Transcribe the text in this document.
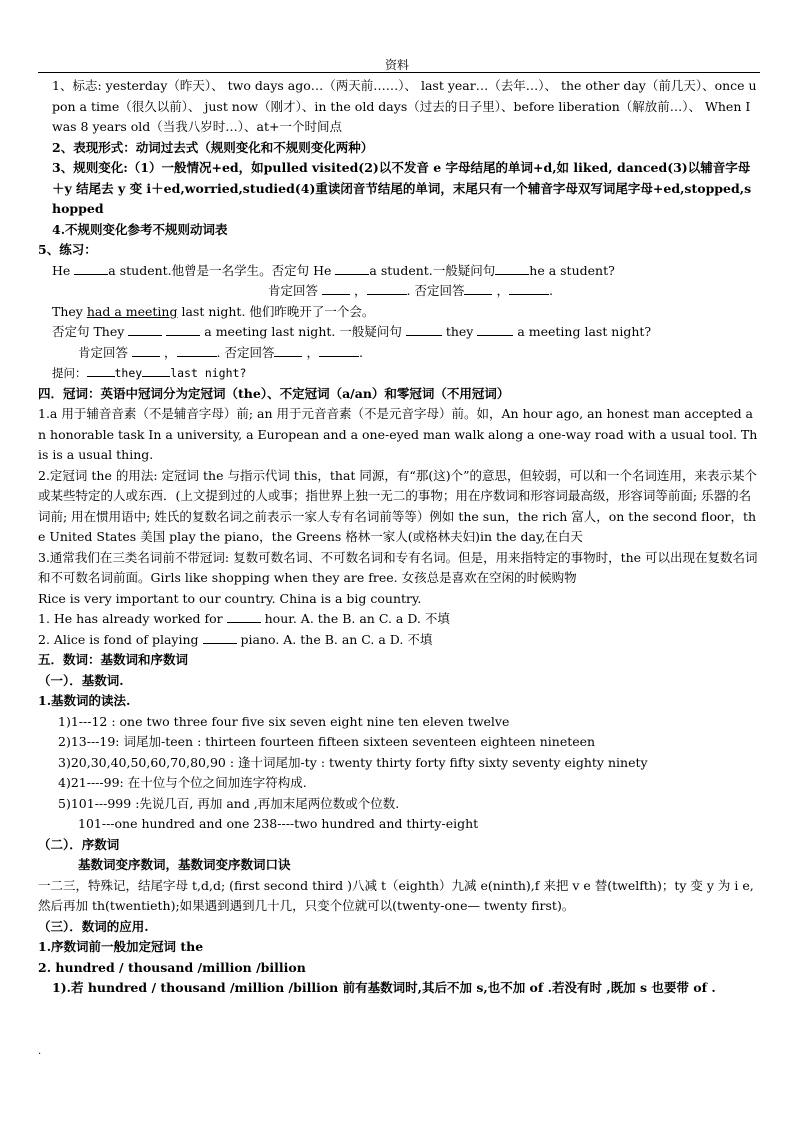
资料

1、标志: yesterday（昨天）、 two days ago…（两天前……）、 last year…（去年…）、 the other day（前几天）、once upon a time（很久以前）、 just now（刚才）、in the old days（过去的日子里）、before liberation（解放前…）、 When I was 8 years old（当我八岁时…）、at+一个时间点

2、表现形式：动词过去式（规则变化和不规则变化两种）

3、规则变化:（1）一般情况+ed，如pulled visited(2)以不发音 e 字母结尾的单词+d,如 liked, danced(3)以辅音字母＋y 结尾去 y 变 i＋ed,worried,studied(4)重读闭音节结尾的单词，末尾只有一个辅音字母双写词尾字母+ed,stopped,shopped

4.不规则变化参考不规则动词表

5、练习：

He	a student.他曾是一名学生。否定句 He	a student.一般疑问句	he a student?

肯定回答	，	. 否定回答	，	.

They had a meeting last night. 他们昨晚开了一个会。

否定句 They	a meeting last night. 一般疑问句	they	a meeting last night?

肯定回答	，	. 否定回答	，	.

提问： they last night?

四．冠词：英语中冠词分为定冠词（the）、不定冠词（a/an）和零冠词（不用冠词）

1.a 用于辅音音素（不是辅音字母）前; an 用于元音音素（不是元音字母）前。如，An hour ago, an honest man accepted an honorable task In a university, a European and a one-eyed man walk along a one-way road with a usual tool. This is a usual thing.

2.定冠词 the 的用法: 定冠词 the 与指示代词 this，that 同源，有“那(这)个”的意思，但较弱，可以和一个名词连用，来表示某个或某些特定的人或东西．(上文提到过的人或事；指世界上独一无二的事物；用在序数词和形容词最高级，形容词等前面; 乐器的名词前; 用在惯用语中; 姓氏的复数名词之前表示一家人专有名词前等等）例如 the sun，the rich 富人，on the second floor，the United States 美国 play the piano，the Greens 格林一家人(或格林夫妇)in the day,在白天

3.通常我们在三类名词前不带冠词: 复数可数名词、不可数名词和专有名词。但是，用来指特定的事物时，the 可以出现在复数名词和不可数名词前面。Girls like shopping when they are free. 女孩总是喜欢在空闲的时候购物

Rice is very important to our country. China is a big country.

1. He has already worked for	hour. A. the B. an C. a D. 不填

2. Alice is fond of playing	piano. A. the B. an C. a D. 不填

五．数词：基数词和序数词

（一）．基数词.

1.基数词的读法.

1)1---12 : one two three four five six seven eight nine ten eleven twelve

2)13---19: 词尾加-teen : thirteen fourteen fifteen sixteen seventeen eighteen nineteen

3)20,30,40,50,60,70,80,90 : 逢十词尾加-ty : twenty thirty forty fifty sixty seventy eighty ninety

4)21----99: 在十位与个位之间加连字符构成.

5)101---999 :先说几百, 再加 and ,再加末尾两位数或个位数.

101---one hundred and one 238----two hundred and thirty-eight

（二）．序数词

基数词变序数词，基数词变序数词口诀

一二三，特殊记，结尾字母 t,d,d; (first second third )八减 t（eighth）九减 e(ninth),f 来把 v e 替(twelfth)；ty 变 y 为 i e,然后再加 th(twentieth);如果遇到遇到几十几，只变个位就可以(twenty-one— twenty first)。

（三）．数词的应用.

1.序数词前一般加定冠词 the

2. hundred / thousand /million /billion

1).若 hundred / thousand /million /billion 前有基数词时,其后不加 s,也不加 of .若没有时 ,既加 s 也要带 of .

.
